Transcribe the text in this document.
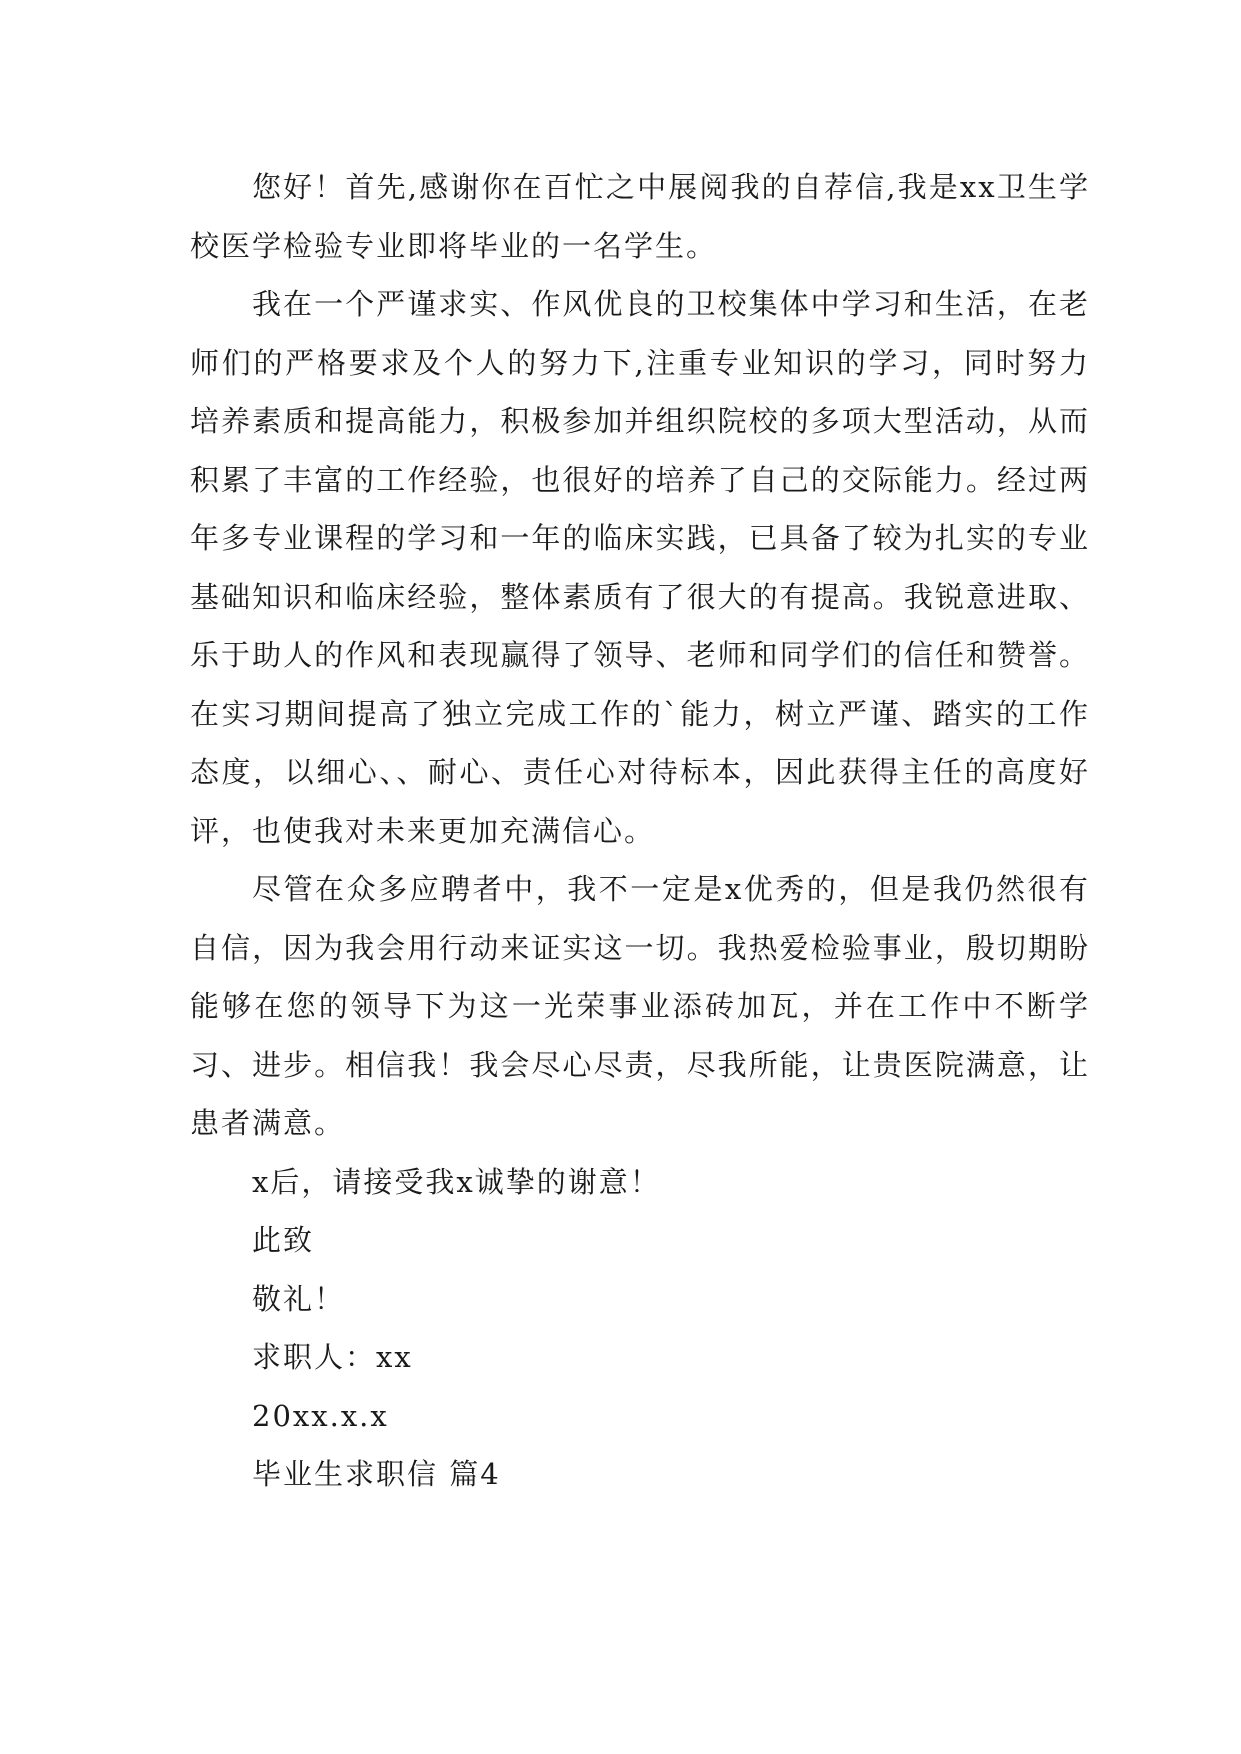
您好！首先,感谢你在百忙之中展阅我的自荐信,我是xx卫生学校医学检验专业即将毕业的一名学生。

我在一个严谨求实、作风优良的卫校集体中学习和生活，在老师们的严格要求及个人的努力下,注重专业知识的学习，同时努力培养素质和提高能力，积极参加并组织院校的多项大型活动，从而积累了丰富的工作经验，也很好的培养了自己的交际能力。经过两年多专业课程的学习和一年的临床实践，已具备了较为扎实的专业基础知识和临床经验，整体素质有了很大的有提高。我锐意进取、乐于助人的作风和表现赢得了领导、老师和同学们的信任和赞誉。在实习期间提高了独立完成工作的`能力，树立严谨、踏实的工作态度，以细心、、耐心、责任心对待标本，因此获得主任的高度好评，也使我对未来更加充满信心。

尽管在众多应聘者中，我不一定是x优秀的，但是我仍然很有自信，因为我会用行动来证实这一切。我热爱检验事业，殷切期盼能够在您的领导下为这一光荣事业添砖加瓦，并在工作中不断学习、进步。相信我！我会尽心尽责，尽我所能，让贵医院满意，让患者满意。

x后，请接受我x诚挚的谢意！

此致

敬礼！

求职人：xx

20xx.x.x

毕业生求职信 篇4
